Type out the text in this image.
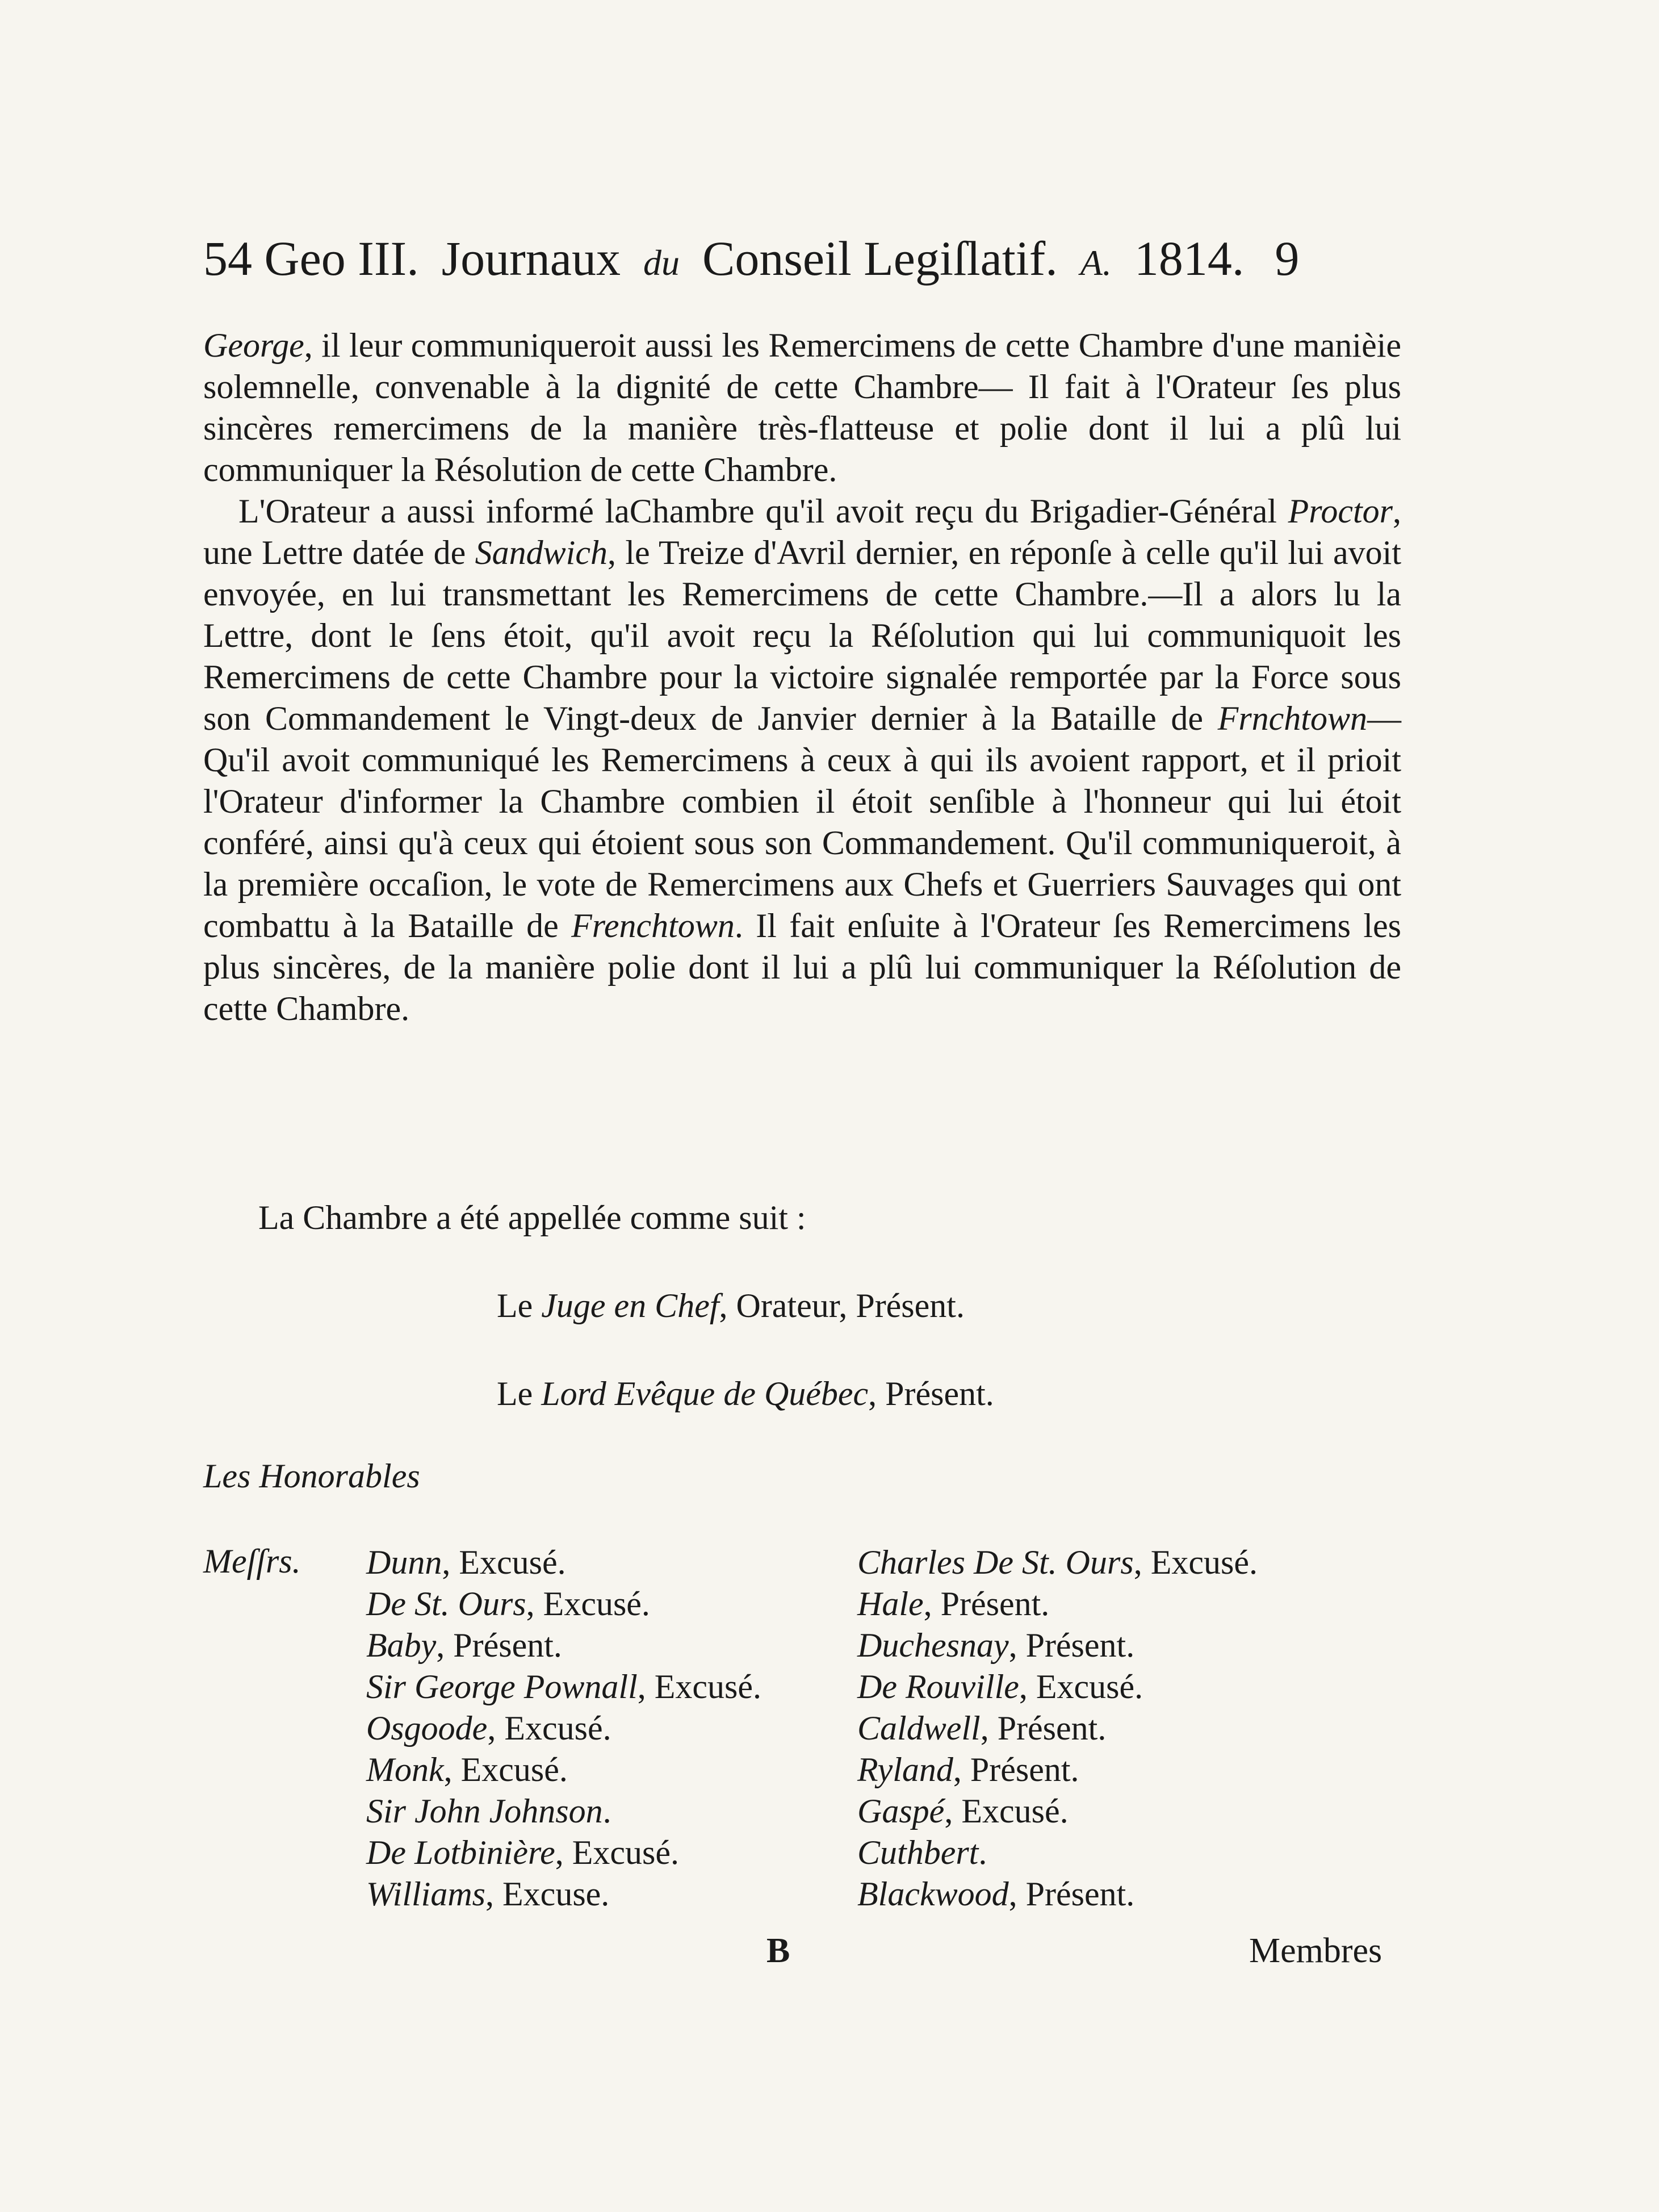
54 Geo III. Journaux du Conseil Legiſlatif. A. 1814. 9

George, il leur communiqueroit aussi les Remercimens de cette Chambre d'une manièie solemnelle, convenable à la dignité de cette Chambre— Il fait à l'Orateur ſes plus sincères remercimens de la manière très-flatteuse et polie dont il lui a plû lui communiquer la Résolution de cette Chambre.

L'Orateur a aussi informé laChambre qu'il avoit reçu du Brigadier-Général Proctor, une Lettre datée de Sandwich, le Treize d'Avril dernier, en réponſe à celle qu'il lui avoit envoyée, en lui transmettant les Remercimens de cette Chambre.—Il a alors lu la Lettre, dont le ſens étoit, qu'il avoit reçu la Réſolution qui lui communiquoit les Remercimens de cette Chambre pour la victoire signalée remportée par la Force sous son Commandement le Vingt-deux de Janvier dernier à la Bataille de Frnchtown— Qu'il avoit communiqué les Remercimens à ceux à qui ils avoient rapport, et il prioit l'Orateur d'informer la Chambre combien il étoit senſible à l'honneur qui lui étoit conféré, ainsi qu'à ceux qui étoient sous son Commandement. Qu'il communiqueroit, à la première occaſion, le vote de Remercimens aux Chefs et Guerriers Sauvages qui ont combattu à la Bataille de Frenchtown. Il fait enſuite à l'Orateur ſes Remercimens les plus sincères, de la manière polie dont il lui a plû lui communiquer la Réſolution de cette Chambre.

La Chambre a été appellée comme suit :
Le Juge en Chef, Orateur, Présent.
Le Lord Evêque de Québec, Présent.
Les Honorables
Meſſrs. Dunn, Excusé.
De St. Ours, Excusé.
Baby, Présent.
Sir George Pownall, Excusé.
Osgoode, Excusé.
Monk, Excusé.
Sir John Johnson.
De Lotbinière, Excusé.
Williams, Excuse.
Charles De St. Ours, Excusé.
Hale, Présent.
Duchesnay, Présent.
De Rouville, Excusé.
Caldwell, Présent.
Ryland, Présent.
Gaspé, Excusé.
Cuthbert.
Blackwood, Présent.
B	Membres
